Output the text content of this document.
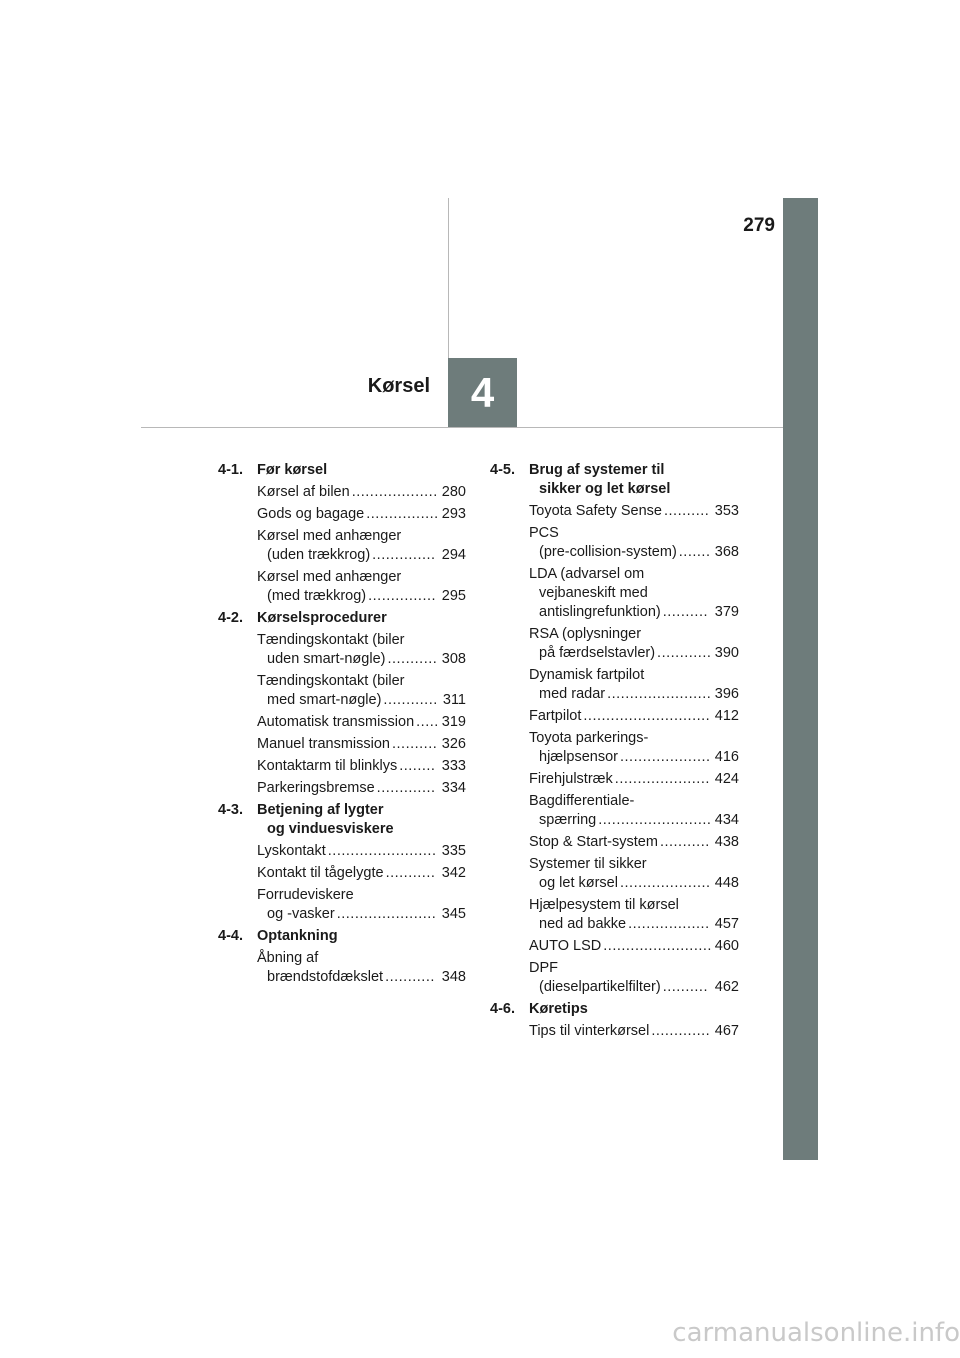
279
4
Kørsel
4-1. Før kørsel
Kørsel af bilen	280
...................
Gods og bagage	293
................
Kørsel med anhænger
(uden trækkrog)	294
..............
Kørsel med anhænger
(med trækkrog)	295
...............
4-2. Kørselsprocedurer
Tændingskontakt (biler
uden smart-nøgle)	308
...........
Tændingskontakt (biler
med smart-nøgle)	311
............
Automatisk transmission	319
.....
Manuel transmission	326
..........
Kontaktarm til blinklys	333
........
Parkeringsbremse	334
.............
4-3. Betjening af lygter
og vinduesviskere
Lyskontakt	335
........................
Kontakt til tågelygte	342
...........
Forrudeviskere
og -vasker	345
......................
4-4. Optankning
Åbning af
brændstofdækslet	348
...........
4-5. Brug af systemer til
sikker og let kørsel
Toyota Safety Sense	353
..........
PCS
(pre-collision-system)	368
.......
LDA (advarsel om
vejbaneskift med
antislingrefunktion)	379
..........
RSA (oplysninger
på færdselstavler)	390
............
Dynamisk fartpilot
med radar	396
.......................
Fartpilot	412
............................
Toyota parkerings-
hjælpsensor	416
....................
Firehjulstræk	424
.....................
Bagdifferentiale-
spærring	434
.........................
Stop & Start-system	438
...........
Systemer til sikker
og let kørsel	448
....................
Hjælpesystem til kørsel
ned ad bakke	457
..................
AUTO LSD	460
........................
DPF
(dieselpartikelfilter)	462
..........
4-6. Køretips
Tips til vinterkørsel	467
.............
carmanualsonline.info
